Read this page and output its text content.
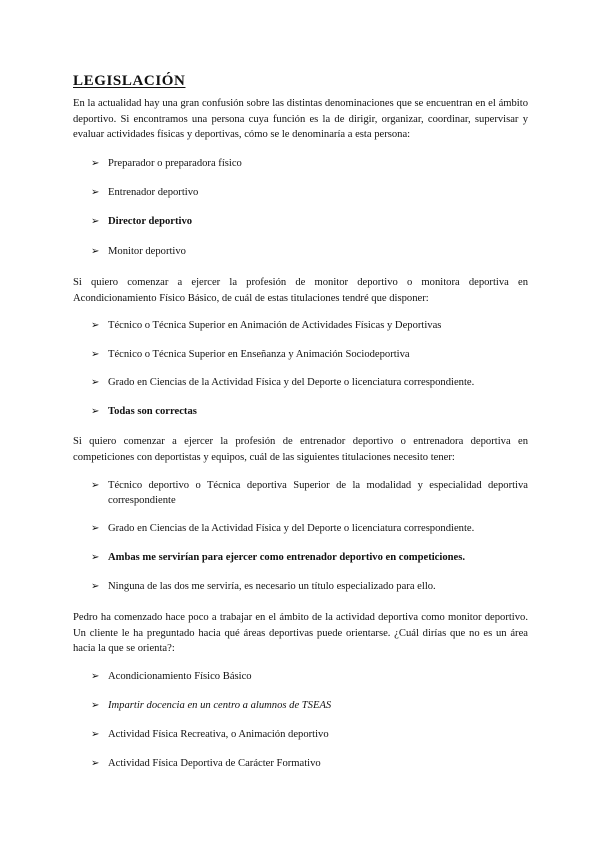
LEGISLACIÓN
En la actualidad hay una gran confusión sobre las distintas denominaciones que se encuentran en el ámbito deportivo. Si encontramos una persona cuya función es la de dirigir, organizar, coordinar, supervisar y evaluar actividades físicas y deportivas, cómo se le denominaría a esta persona:
➢ Preparador o preparadora físico
➢ Entrenador deportivo
➢ Director deportivo
➢ Monitor deportivo
Si quiero comenzar a ejercer la profesión de monitor deportivo o monitora deportiva en Acondicionamiento Físico Básico, de cuál de estas titulaciones tendré que disponer:
➢ Técnico o Técnica Superior en Animación de Actividades Físicas y Deportivas
➢ Técnico o Técnica Superior en Enseñanza y Animación Sociodeportiva
➢ Grado en Ciencias de la Actividad Física y del Deporte o licenciatura correspondiente.
➢ Todas son correctas
Si quiero comenzar a ejercer la profesión de entrenador deportivo o entrenadora deportiva en competiciones con deportistas y equipos, cuál de las siguientes titulaciones necesito tener:
➢ Técnico deportivo o Técnica deportiva Superior de la modalidad y especialidad deportiva correspondiente
➢ Grado en Ciencias de la Actividad Física y del Deporte o licenciatura correspondiente.
➢ Ambas me servirían para ejercer como entrenador deportivo en competiciones.
➢ Ninguna de las dos me serviría, es necesario un título especializado para ello.
Pedro ha comenzado hace poco a trabajar en el ámbito de la actividad deportiva como monitor deportivo. Un cliente le ha preguntado hacia qué áreas deportivas puede orientarse. ¿Cuál dirías que no es un área hacia la que se orienta?:
➢ Acondicionamiento Físico Básico
➢ Impartir docencia en un centro a alumnos de TSEAS
➢ Actividad Física Recreativa, o Animación deportivo
➢ Actividad Física Deportiva de Carácter Formativo
